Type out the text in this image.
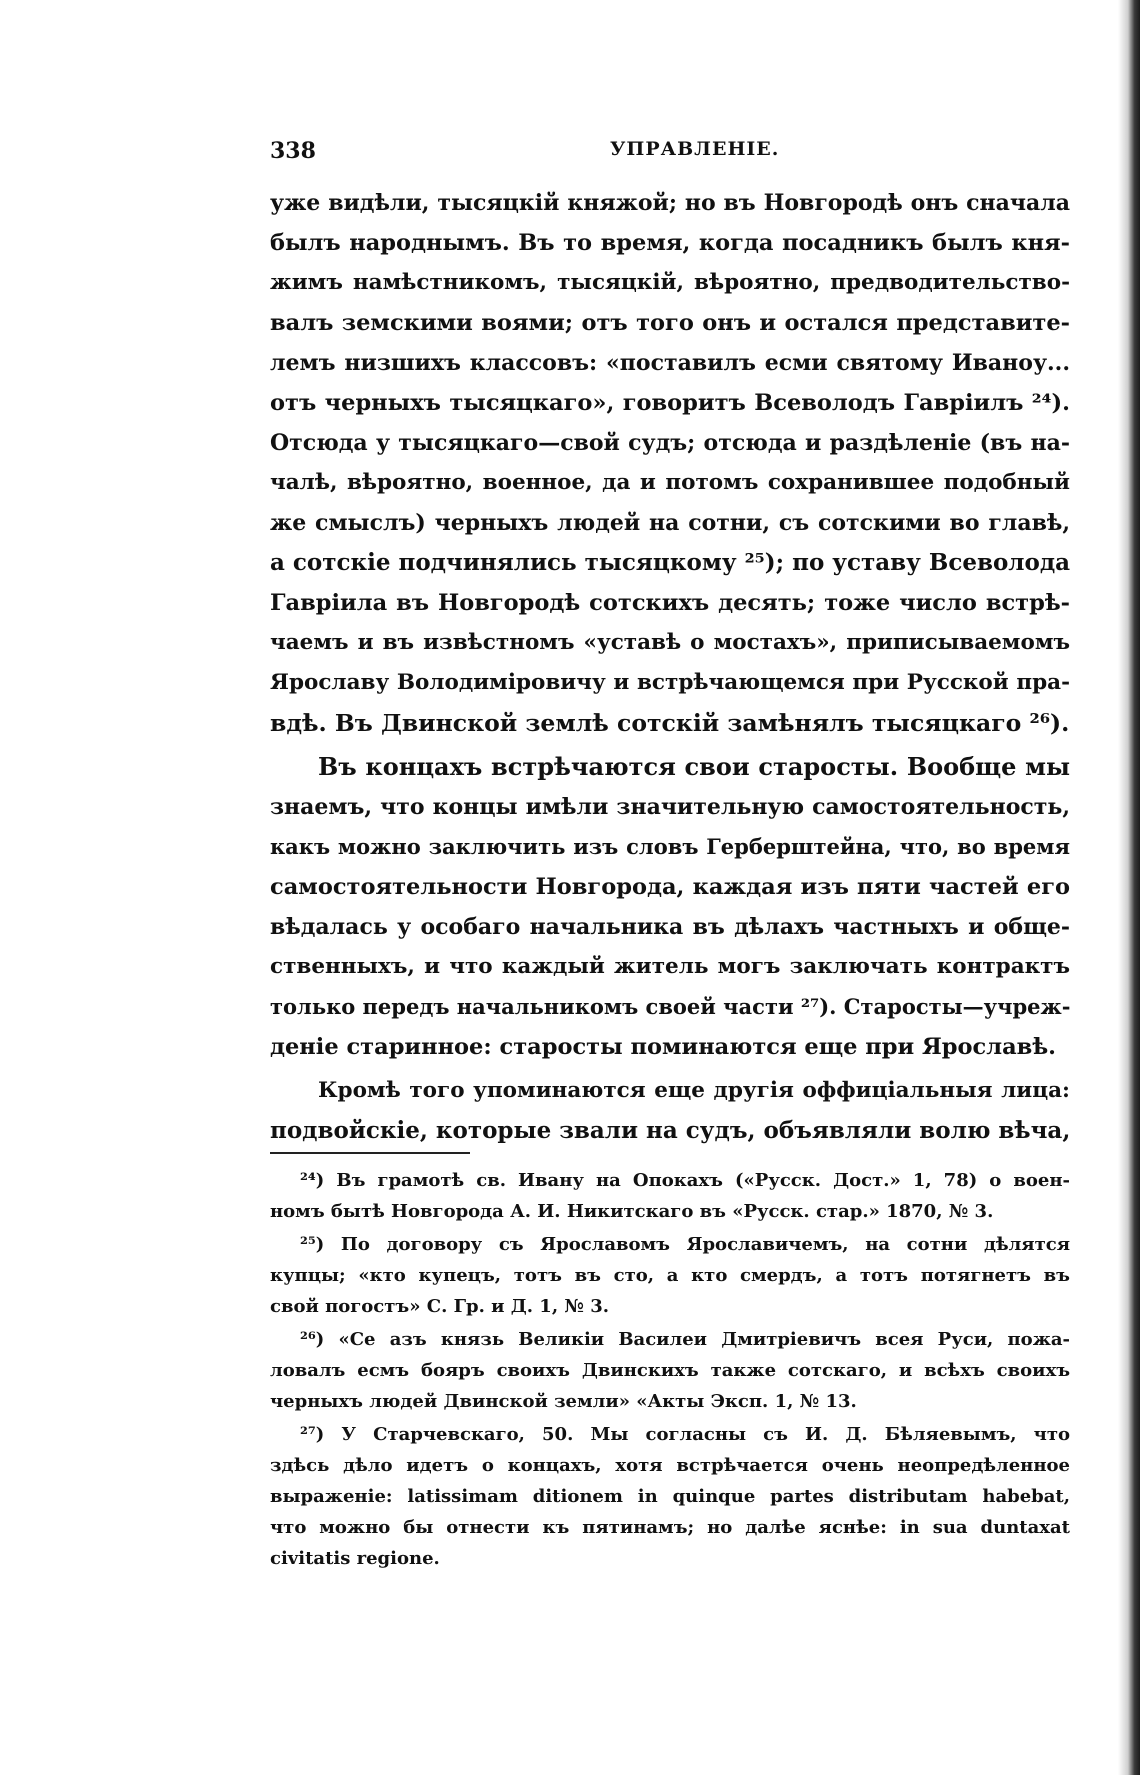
338	УПРАВЛЕНIЕ.
уже видѣли, тысяцкiй княжой; но въ Новгородѣ онъ сначала
былъ народнымъ. Въ то время, когда посадникъ былъ кня-
жимъ намѣстникомъ, тысяцкiй, вѣроятно, предводительство-
валъ земскими воями; отъ того онъ и остался представите-
лемъ низшихъ классовъ: «поставилъ есми святому Иваноу...
отъ черныхъ тысяцкаго», говоритъ Всеволодъ Гаврiилъ ²⁴).
Отсюда у тысяцкаго—свой судъ; отсюда и раздѣленiе (въ на-
чалѣ, вѣроятно, военное, да и потомъ сохранившее подобный
же смыслъ) черныхъ людей на сотни, съ сотскими во главѣ,
а сотскiе подчинялись тысяцкому ²⁵); по уставу Всеволода
Гаврiила въ Новгородѣ сотскихъ десять; тоже число встрѣ-
чаемъ и въ извѣстномъ «уставѣ о мостахъ», приписываемомъ
Ярославу Володимiровичу и встрѣчающемся при Русской пра-
вдѣ. Въ Двинской землѣ сотскiй замѣнялъ тысяцкаго ²⁶).
Въ концахъ встрѣчаются свои старосты. Вообще мы
знаемъ, что концы имѣли значительную самостоятельность,
какъ можно заключить изъ словъ Герберштейна, что, во время
самостоятельности Новгорода, каждая изъ пяти частей его
вѣдалась у особаго начальника въ дѣлахъ частныхъ и обще-
ственныхъ, и что каждый житель могъ заключать контрактъ
только передъ начальникомъ своей части ²⁷). Старосты—учреж-
денiе старинное: старосты поминаются еще при Ярославѣ.
Кромѣ того упоминаются еще другiя оффицiальныя лица:
подвойскiе, которые звали на судъ, объявляли волю вѣча,
²⁴) Въ грамотѣ св. Ивану на Опокахъ («Русск. Дост.» 1, 78) о воен-
номъ бытѣ Новгорода А. И. Никитскаго въ «Русск. стар.» 1870, № 3.
²⁵) По договору съ Ярославомъ Ярославичемъ, на сотни дѣлятся
купцы; «кто купецъ, тотъ въ сто, а кто смердъ, а тотъ потягнетъ въ
свой погостъ» С. Гр. и Д. 1, № 3.
²⁶) «Се азъ князь Великiи Василеи Дмитрiевичъ всея Руси, пожа-
ловалъ есмъ бояръ своихъ Двинскихъ также сотскаго, и всѣхъ своихъ
черныхъ людей Двинской земли» «Акты Эксп. 1, № 13.
²⁷) У Старчевскаго, 50. Мы согласны съ И. Д. Бѣляевымъ, что
здѣсь дѣло идетъ о концахъ, хотя встрѣчается очень неопредѣленное
выраженiе: latissimam ditionem in quinque partes distributam habebat,
что можно бы отнести къ пятинамъ; но далѣе яснѣе: in sua duntaxat
civitatis regione.
